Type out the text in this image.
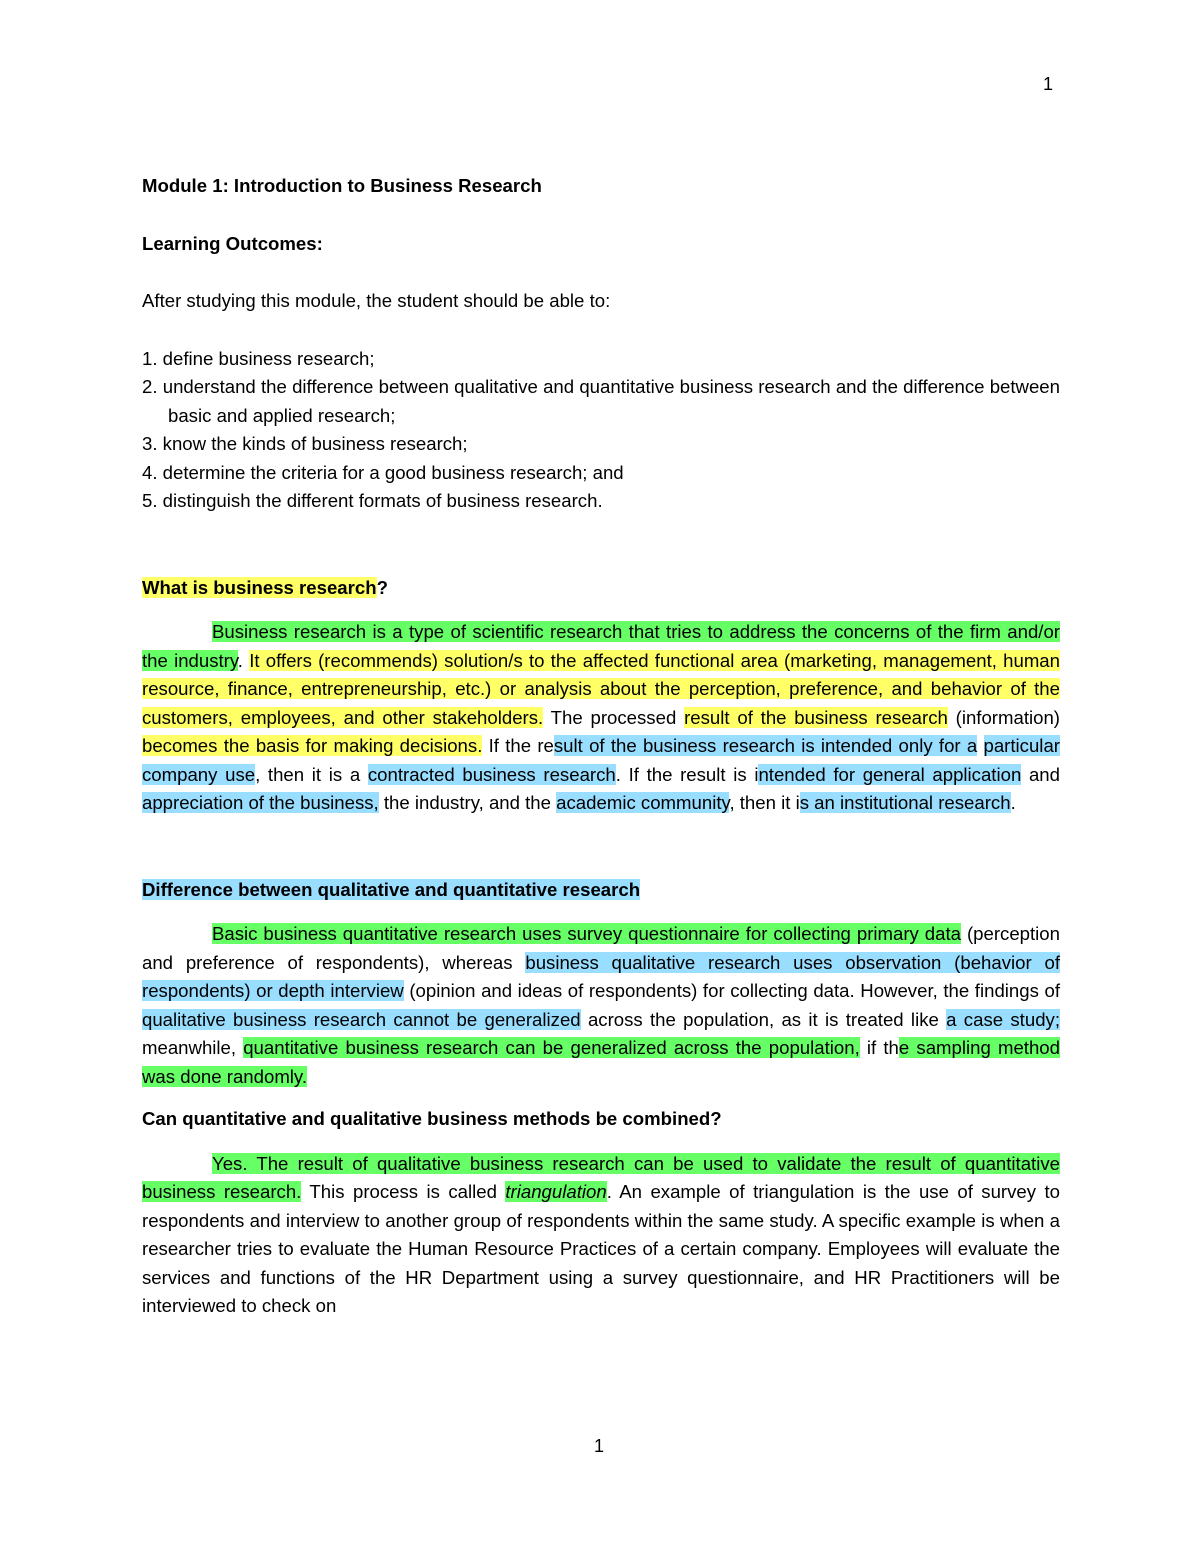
1

Module 1: Introduction to Business Research

Learning Outcomes:

After studying this module, the student should be able to:

1. define business research;
2. understand the difference between qualitative and quantitative business research and the difference between basic and applied research;
3. know the kinds of business research;
4. determine the criteria for a good business research; and
5. distinguish the different formats of business research.

What is business research?

Business research is a type of scientific research that tries to address the concerns of the firm and/or the industry. It offers (recommends) solution/s to the affected functional area (marketing, management, human resource, finance, entrepreneurship, etc.) or analysis about the perception, preference, and behavior of the customers, employees, and other stakeholders. The processed result of the business research (information) becomes the basis for making decisions. If the result of the business research is intended only for a particular company use, then it is a contracted business research. If the result is intended for general application and appreciation of the business, the industry, and the academic community, then it is an institutional research.

Difference between qualitative and quantitative research

Basic business quantitative research uses survey questionnaire for collecting primary data (perception and preference of respondents), whereas business qualitative research uses observation (behavior of respondents) or depth interview (opinion and ideas of respondents) for collecting data. However, the findings of qualitative business research cannot be generalized across the population, as it is treated like a case study; meanwhile, quantitative business research can be generalized across the population, if the sampling method was done randomly.

Can quantitative and qualitative business methods be combined?

Yes. The result of qualitative business research can be used to validate the result of quantitative business research. This process is called triangulation. An example of triangulation is the use of survey to respondents and interview to another group of respondents within the same study. A specific example is when a researcher tries to evaluate the Human Resource Practices of a certain company. Employees will evaluate the services and functions of the HR Department using a survey questionnaire, and HR Practitioners will be interviewed to check on

1
